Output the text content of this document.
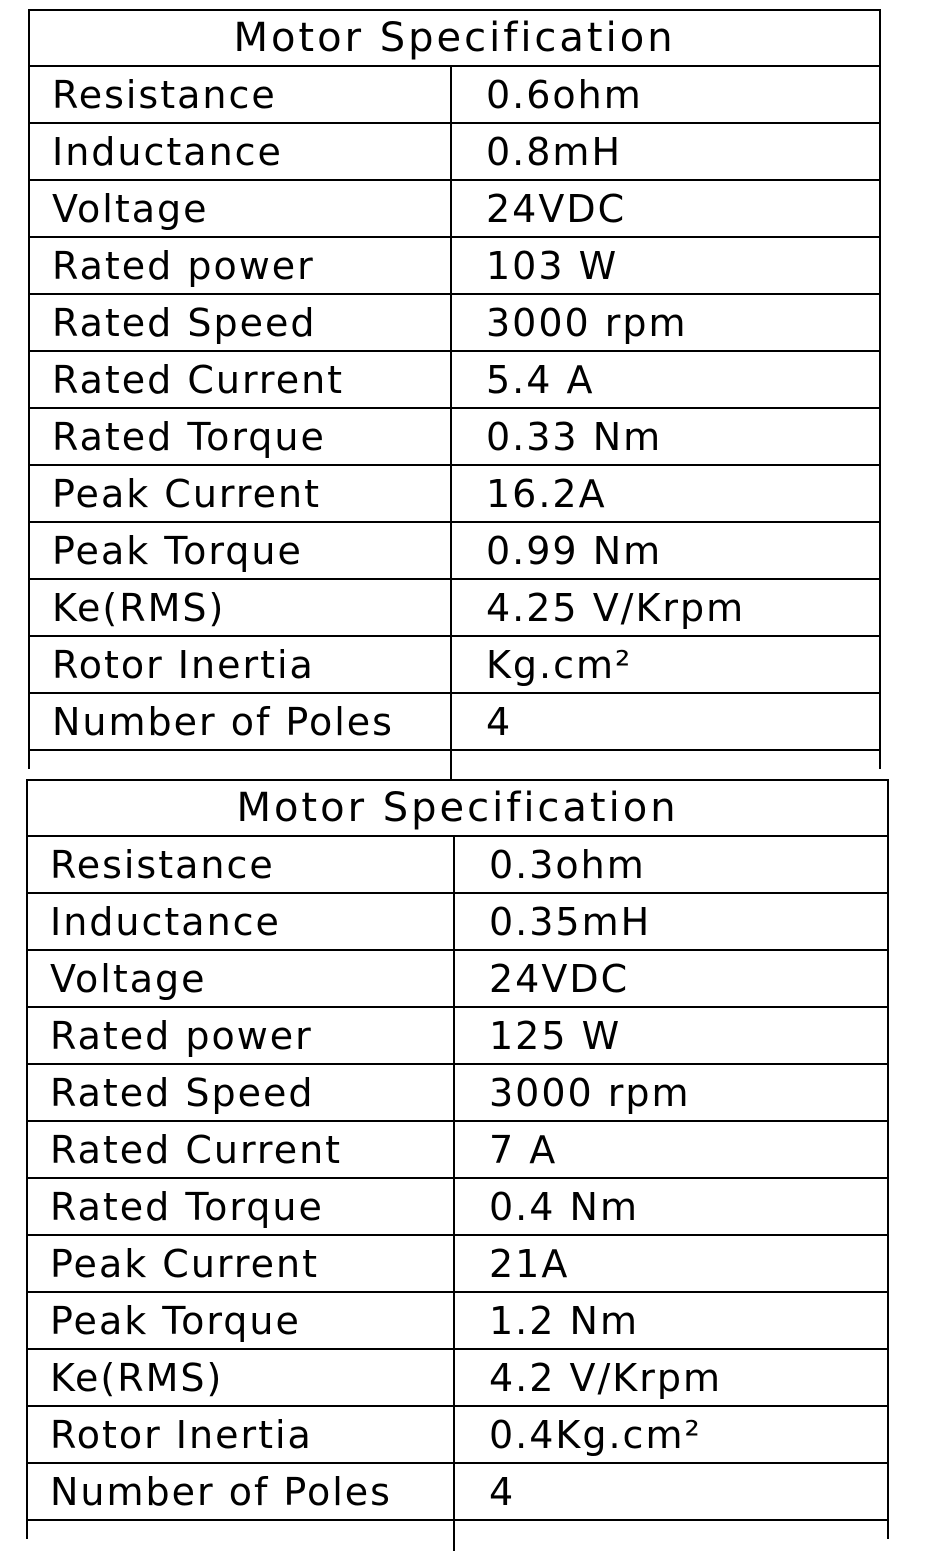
Motor Specification
Resistance	0.6ohm
Inductance	0.8mH
Voltage	24VDC
Rated power	103 W
Rated Speed	3000 rpm
Rated Current	5.4 A
Rated Torque	0.33 Nm
Peak Current	16.2A
Peak Torque	0.99 Nm
Ke(RMS)	4.25 V/Krpm
Rotor Inertia	Kg.cm²
Number of Poles	4
Motor Specification
Resistance	0.3ohm
Inductance	0.35mH
Voltage	24VDC
Rated power	125 W
Rated Speed	3000 rpm
Rated Current	7 A
Rated Torque	0.4 Nm
Peak Current	21A
Peak Torque	1.2 Nm
Ke(RMS)	4.2 V/Krpm
Rotor Inertia	0.4Kg.cm²
Number of Poles	4
